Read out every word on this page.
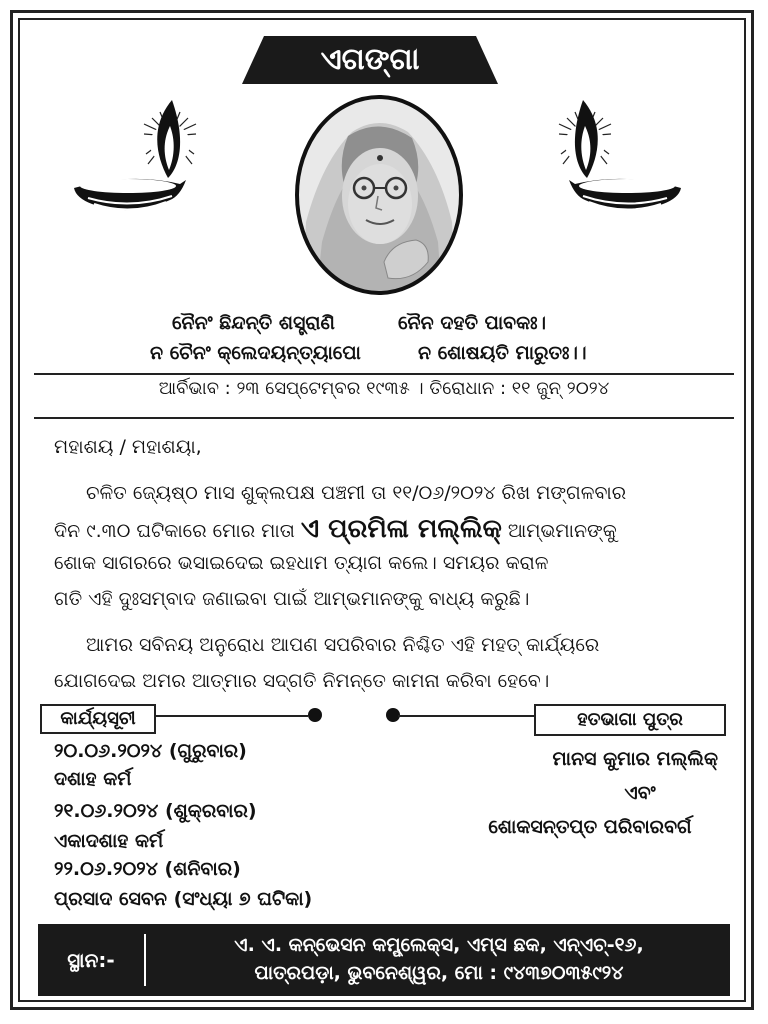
ଏଗଙ୍ଗା
ନୈନଂ ଛିନ୍ଦନ୍ତି ଶସ୍ତ୍ରାଣି	ନୈନ ଦହତି ପାବକଃ।
ନ ଚୈନଂ କ୍ଲେଦୟନ୍ତ୍ୟାପୋ	ନ ଶୋଷୟତି ମାରୁତଃ।।
ଆର୍ବିଭାବ : ୨୩ ସେପ୍ଟେମ୍ବର ୧୯୩୫ । ତିରୋଧାନ : ୧୧ ଜୁନ୍ ୨୦୨୪
ମହାଶୟ / ମହାଶୟା,
ଚଳିତ ଜ୍ୟେଷ୍ଠ ମାସ ଶୁକ୍ଲପକ୍ଷ ପଞ୍ଚମୀ ତା ୧୧/୦୬/୨୦୨୪ ରିଖ ମଙ୍ଗଳବାର
ଦିନ ୯.୩୦ ଘଟିକାରେ ମୋର ମାତା ଏ ପ୍ରମିଳା ମଲ୍ଲିକ୍ ଆମ୍ଭମାନଙ୍କୁ
ଶୋକ ସାଗରରେ ଭସାଇଦେଇ ଇହଧାମ ତ୍ୟାଗ କଲେ। ସମୟର କରାଳ
ଗତି ଏହି ଦୁଃସମ୍ବାଦ ଜଣାଇବା ପାଇଁ ଆମ୍ଭମାନଙ୍କୁ ବାଧ୍ୟ କରୁଛି।
ଆମର ସବିନୟ ଅନୁରୋଧ ଆପଣ ସପରିବାର ନିଶ୍ଚିତ ଏହି ମହତ୍ କାର୍ଯ୍ୟରେ
ଯୋଗଦେଇ ଅମର ଆତ୍ମାର ସଦ୍‌ଗତି ନିମନ୍ତେ କାମନା କରିବା ହେବେ।
କାର୍ଯ୍ୟସୂଚୀ	ହତଭାଗା ପୁତ୍ର
୨୦.୦୬.୨୦୨୪ (ଗୁରୁବାର)
ଦଶାହ କର୍ମ
୨୧.୦୬.୨୦୨୪ (ଶୁକ୍ରବାର)
ଏକାଦଶାହ କର୍ମ
୨୨.୦୬.୨୦୨୪ (ଶନିବାର)
ପ୍ରସାଦ ସେବନ (ସଂଧ୍ୟା ୭ ଘଟିକା)
ମାନସ କୁମାର ମଲ୍ଲିକ୍
ଏବଂ
ଶୋକସନ୍ତପ୍ତ ପରିବାରବର୍ଗ
ସ୍ଥାନ:-
ଏ. ଏ. କନ୍‌ଭେସନ କମ୍ପ୍ଲେକ୍ସ, ଏମ୍ସ ଛକ, ଏନ୍‌ଏଚ୍-୧୬,
ପାତ୍ରପଡ଼ା, ଭୁବନେଶ୍ୱର, ମୋ : ୯୪୩୭୦୩୫୯୨୪
